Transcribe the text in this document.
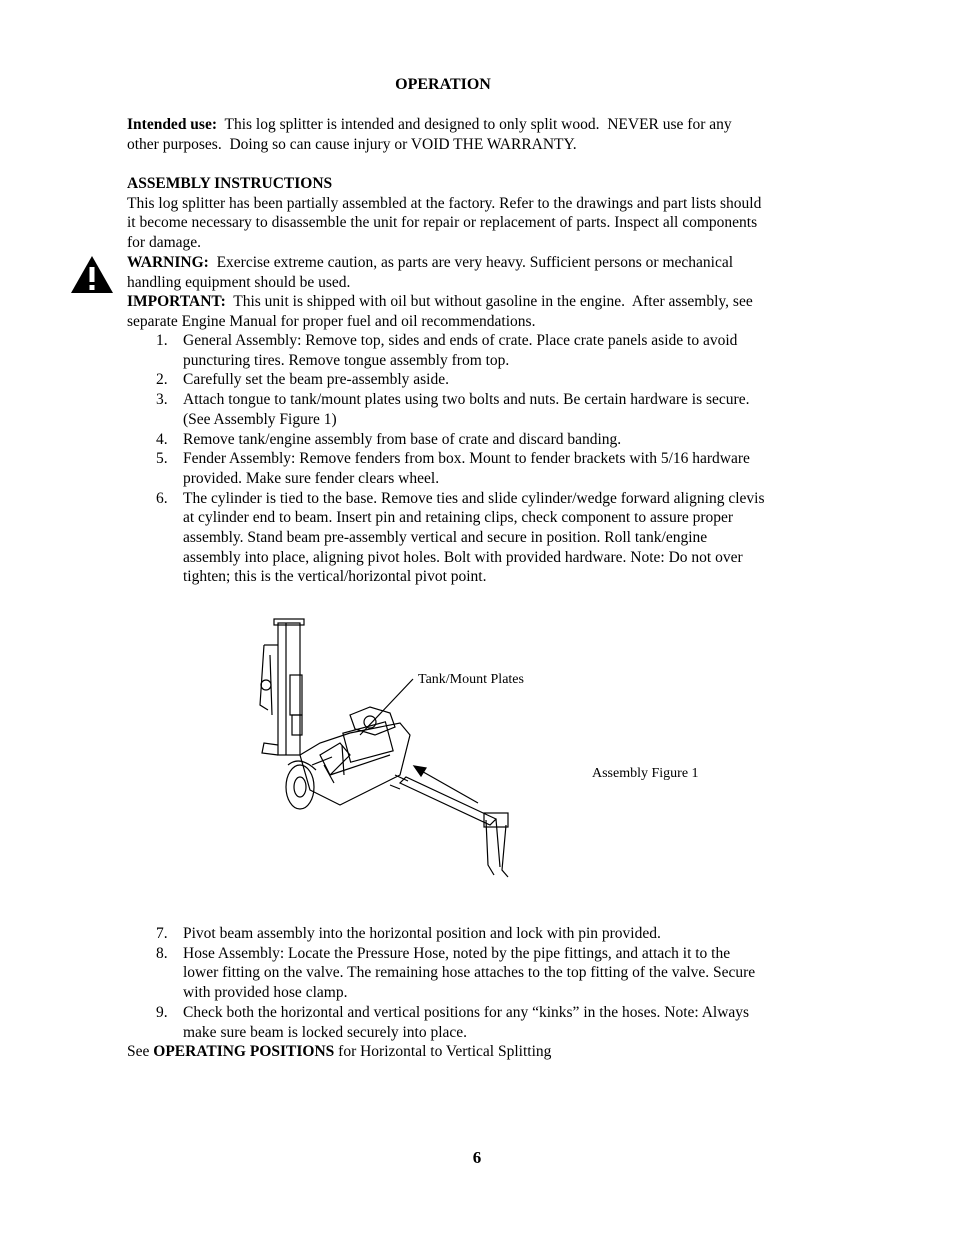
OPERATION
Intended use:  This log splitter is intended and designed to only split wood.  NEVER use for any other purposes.  Doing so can cause injury or VOID THE WARRANTY.
ASSEMBLY INSTRUCTIONS
This log splitter has been partially assembled at the factory. Refer to the drawings and part lists should it become necessary to disassemble the unit for repair or replacement of parts. Inspect all components for damage.
WARNING:  Exercise extreme caution, as parts are very heavy. Sufficient persons or mechanical handling equipment should be used.
IMPORTANT:  This unit is shipped with oil but without gasoline in the engine.  After assembly, see separate Engine Manual for proper fuel and oil recommendations.
1. General Assembly: Remove top, sides and ends of crate. Place crate panels aside to avoid puncturing tires. Remove tongue assembly from top.
2. Carefully set the beam pre-assembly aside.
3. Attach tongue to tank/mount plates using two bolts and nuts. Be certain hardware is secure. (See Assembly Figure 1)
4. Remove tank/engine assembly from base of crate and discard banding.
5. Fender Assembly: Remove fenders from box. Mount to fender brackets with 5/16 hardware provided. Make sure fender clears wheel.
6. The cylinder is tied to the base. Remove ties and slide cylinder/wedge forward aligning clevis at cylinder end to beam. Insert pin and retaining clips, check component to assure proper assembly. Stand beam pre-assembly vertical and secure in position. Roll tank/engine assembly into place, aligning pivot holes. Bolt with provided hardware. Note: Do not over tighten; this is the vertical/horizontal pivot point.
Tank/Mount Plates
Assembly Figure 1
7. Pivot beam assembly into the horizontal position and lock with pin provided.
8. Hose Assembly: Locate the Pressure Hose, noted by the pipe fittings, and attach it to the lower fitting on the valve. The remaining hose attaches to the top fitting of the valve. Secure with provided hose clamp.
9. Check both the horizontal and vertical positions for any “kinks” in the hoses. Note: Always make sure beam is locked securely into place.
See OPERATING POSITIONS for Horizontal to Vertical Splitting
6
